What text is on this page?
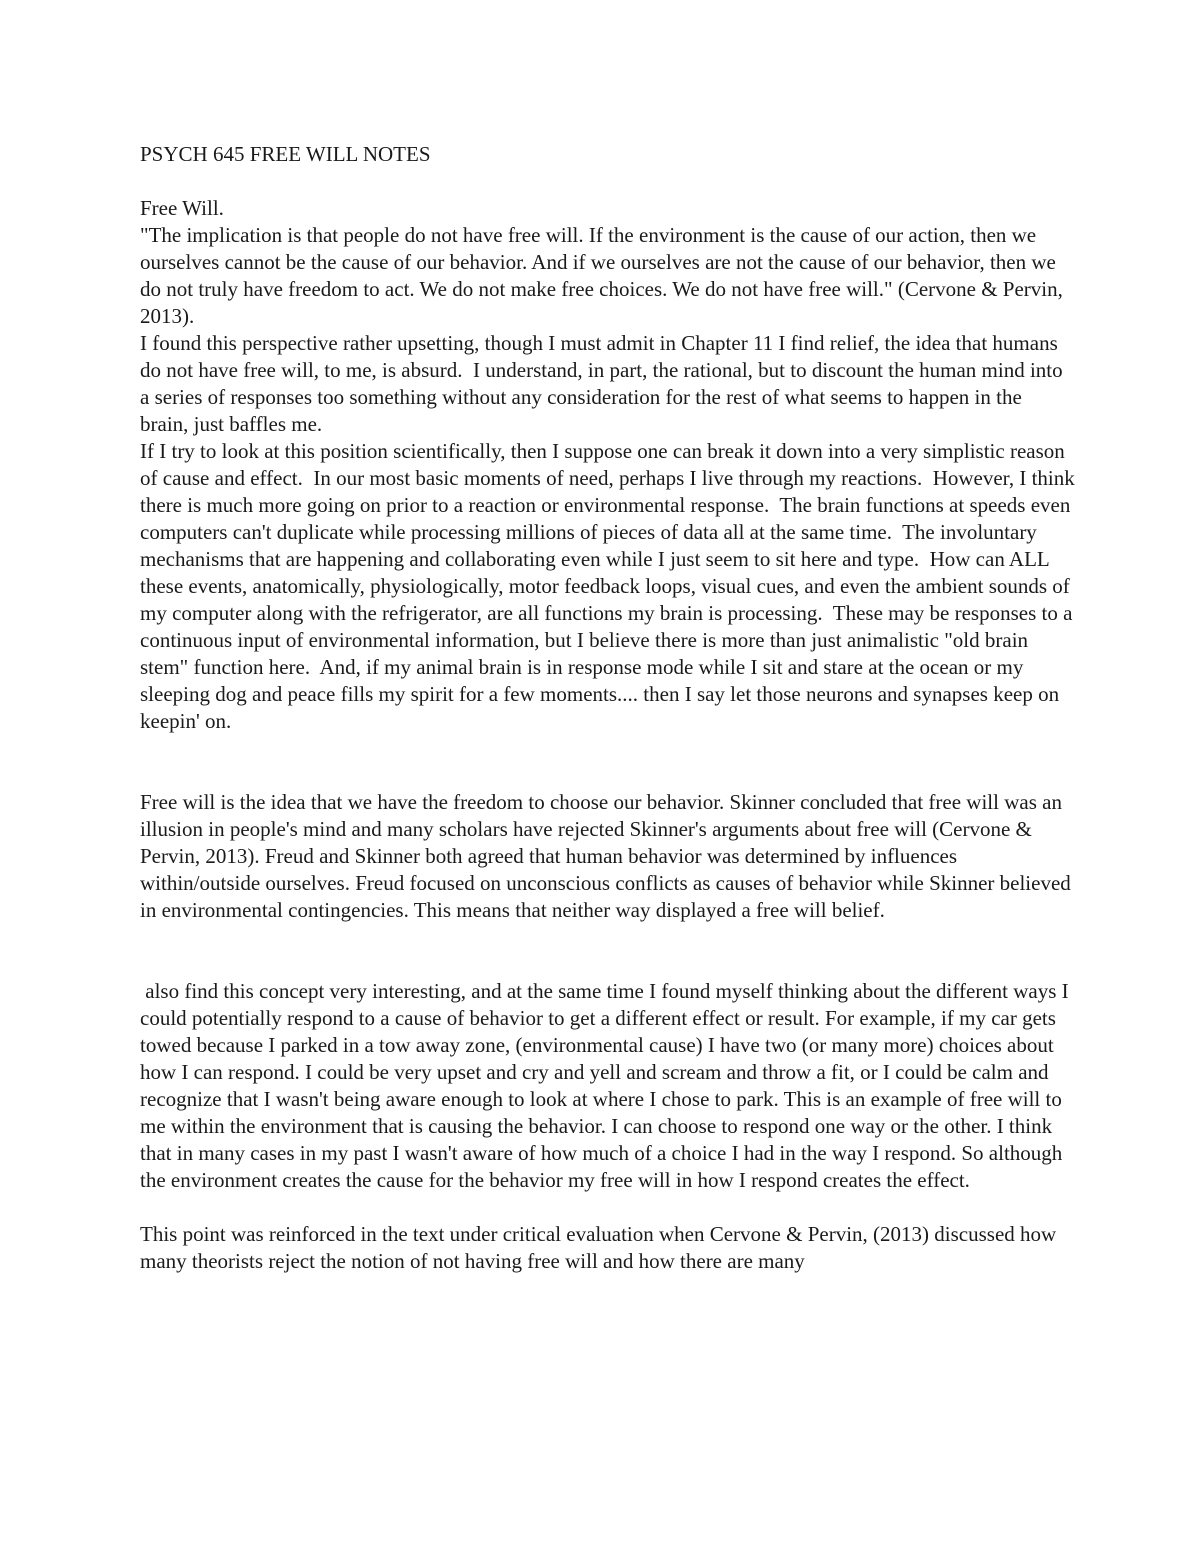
PSYCH 645 FREE WILL NOTES

Free Will.

"The implication is that people do not have free will. If the environment is the cause of our action, then we ourselves cannot be the cause of our behavior. And if we ourselves are not the cause of our behavior, then we do not truly have freedom to act. We do not make free choices. We do not have free will." (Cervone & Pervin, 2013).

I found this perspective rather upsetting, though I must admit in Chapter 11 I find relief, the idea that humans do not have free will, to me, is absurd.  I understand, in part, the rational, but to discount the human mind into a series of responses too something without any consideration for the rest of what seems to happen in the brain, just baffles me.

If I try to look at this position scientifically, then I suppose one can break it down into a very simplistic reason of cause and effect.  In our most basic moments of need, perhaps I live through my reactions.  However, I think there is much more going on prior to a reaction or environmental response.  The brain functions at speeds even computers can't duplicate while processing millions of pieces of data all at the same time.  The involuntary mechanisms that are happening and collaborating even while I just seem to sit here and type.  How can ALL these events, anatomically, physiologically, motor feedback loops, visual cues, and even the ambient sounds of my computer along with the refrigerator, are all functions my brain is processing.  These may be responses to a continuous input of environmental information, but I believe there is more than just animalistic "old brain stem" function here.  And, if my animal brain is in response mode while I sit and stare at the ocean or my sleeping dog and peace fills my spirit for a few moments.... then I say let those neurons and synapses keep on keepin' on.

Free will is the idea that we have the freedom to choose our behavior. Skinner concluded that free will was an illusion in people's mind and many scholars have rejected Skinner's arguments about free will (Cervone & Pervin, 2013). Freud and Skinner both agreed that human behavior was determined by influences within/outside ourselves. Freud focused on unconscious conflicts as causes of behavior while Skinner believed in environmental contingencies. This means that neither way displayed a free will belief.

also find this concept very interesting, and at the same time I found myself thinking about the different ways I could potentially respond to a cause of behavior to get a different effect or result. For example, if my car gets towed because I parked in a tow away zone, (environmental cause) I have two (or many more) choices about how I can respond. I could be very upset and cry and yell and scream and throw a fit, or I could be calm and recognize that I wasn't being aware enough to look at where I chose to park. This is an example of free will to me within the environment that is causing the behavior. I can choose to respond one way or the other. I think that in many cases in my past I wasn't aware of how much of a choice I had in the way I respond. So although the environment creates the cause for the behavior my free will in how I respond creates the effect.

This point was reinforced in the text under critical evaluation when Cervone & Pervin, (2013) discussed how many theorists reject the notion of not having free will and how there are many
